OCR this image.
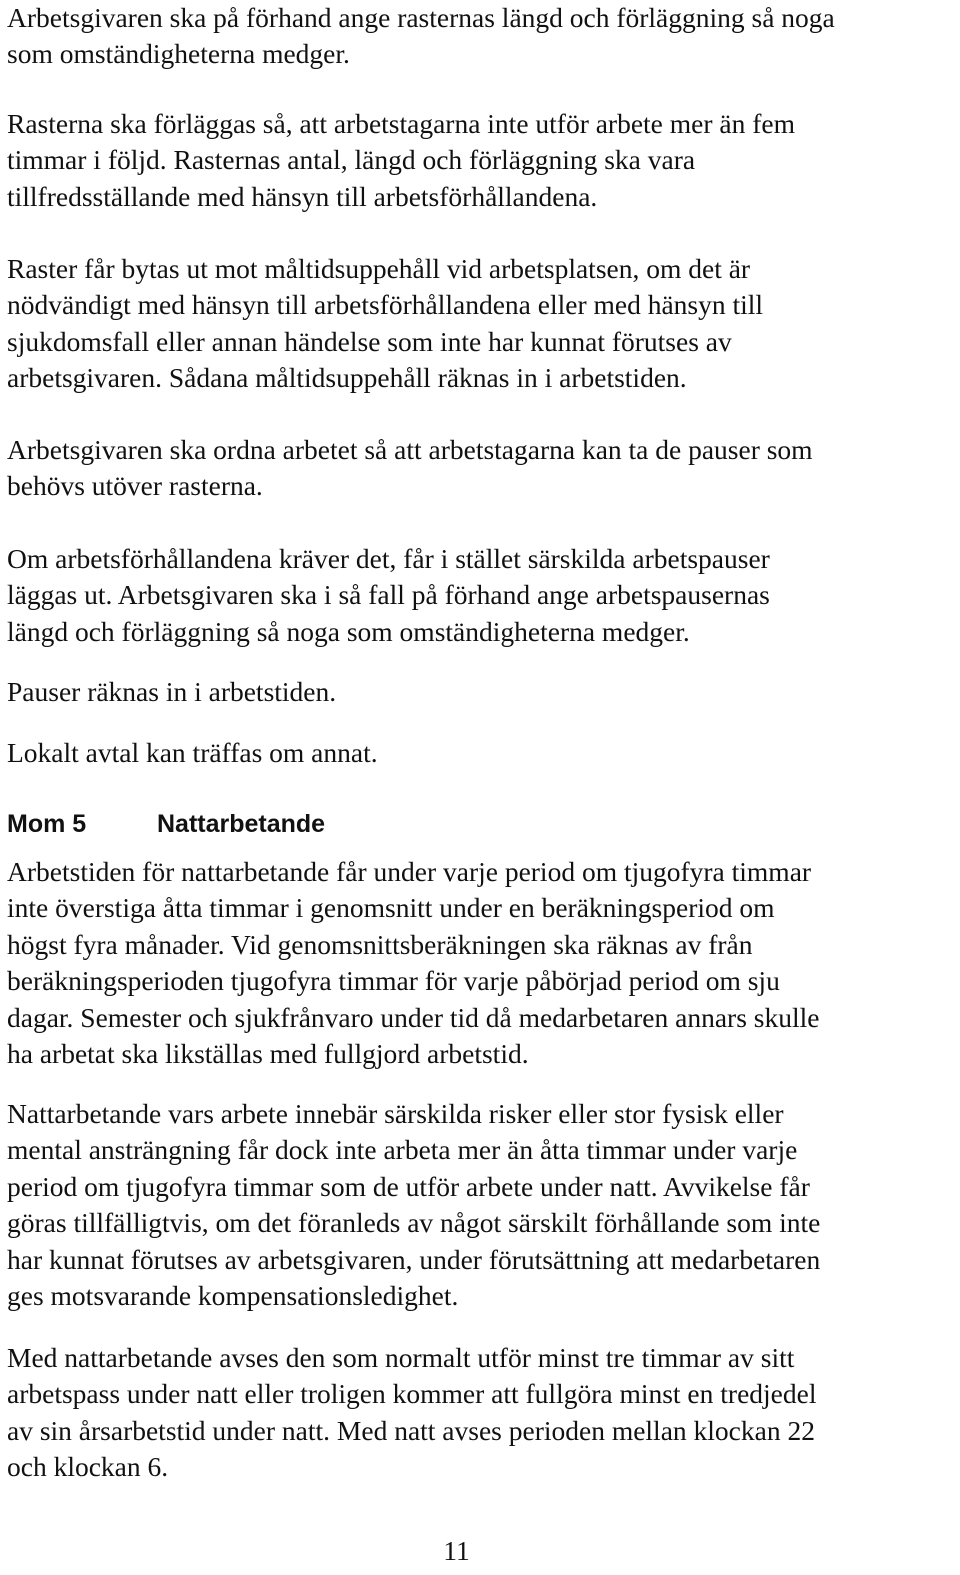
Arbetsgivaren ska på förhand ange rasternas längd och förläggning så noga
som omständigheterna medger.

Rasterna ska förläggas så, att arbetstagarna inte utför arbete mer än fem
timmar i följd. Rasternas antal, längd och förläggning ska vara
tillfredsställande med hänsyn till arbetsförhållandena.

Raster får bytas ut mot måltidsuppehåll vid arbetsplatsen, om det är
nödvändigt med hänsyn till arbetsförhållandena eller med hänsyn till
sjukdomsfall eller annan händelse som inte har kunnat förutses av
arbetsgivaren. Sådana måltidsuppehåll räknas in i arbetstiden.

Arbetsgivaren ska ordna arbetet så att arbetstagarna kan ta de pauser som
behövs utöver rasterna.

Om arbetsförhållandena kräver det, får i stället särskilda arbetspauser
läggas ut. Arbetsgivaren ska i så fall på förhand ange arbetspausernas
längd och förläggning så noga som omständigheterna medger.

Pauser räknas in i arbetstiden.

Lokalt avtal kan träffas om annat.

Mom 5	Nattarbetande

Arbetstiden för nattarbetande får under varje period om tjugofyra timmar
inte överstiga åtta timmar i genomsnitt under en beräkningsperiod om
högst fyra månader. Vid genomsnittsberäkningen ska räknas av från
beräkningsperioden tjugofyra timmar för varje påbörjad period om sju
dagar. Semester och sjukfrånvaro under tid då medarbetaren annars skulle
ha arbetat ska likställas med fullgjord arbetstid.

Nattarbetande vars arbete innebär särskilda risker eller stor fysisk eller
mental ansträngning får dock inte arbeta mer än åtta timmar under varje
period om tjugofyra timmar som de utför arbete under natt. Avvikelse får
göras tillfälligtvis, om det föranleds av något särskilt förhållande som inte
har kunnat förutses av arbetsgivaren, under förutsättning att medarbetaren
ges motsvarande kompensationsledighet.

Med nattarbetande avses den som normalt utför minst tre timmar av sitt
arbetspass under natt eller troligen kommer att fullgöra minst en tredjedel
av sin årsarbetstid under natt. Med natt avses perioden mellan klockan 22
och klockan 6.

11
